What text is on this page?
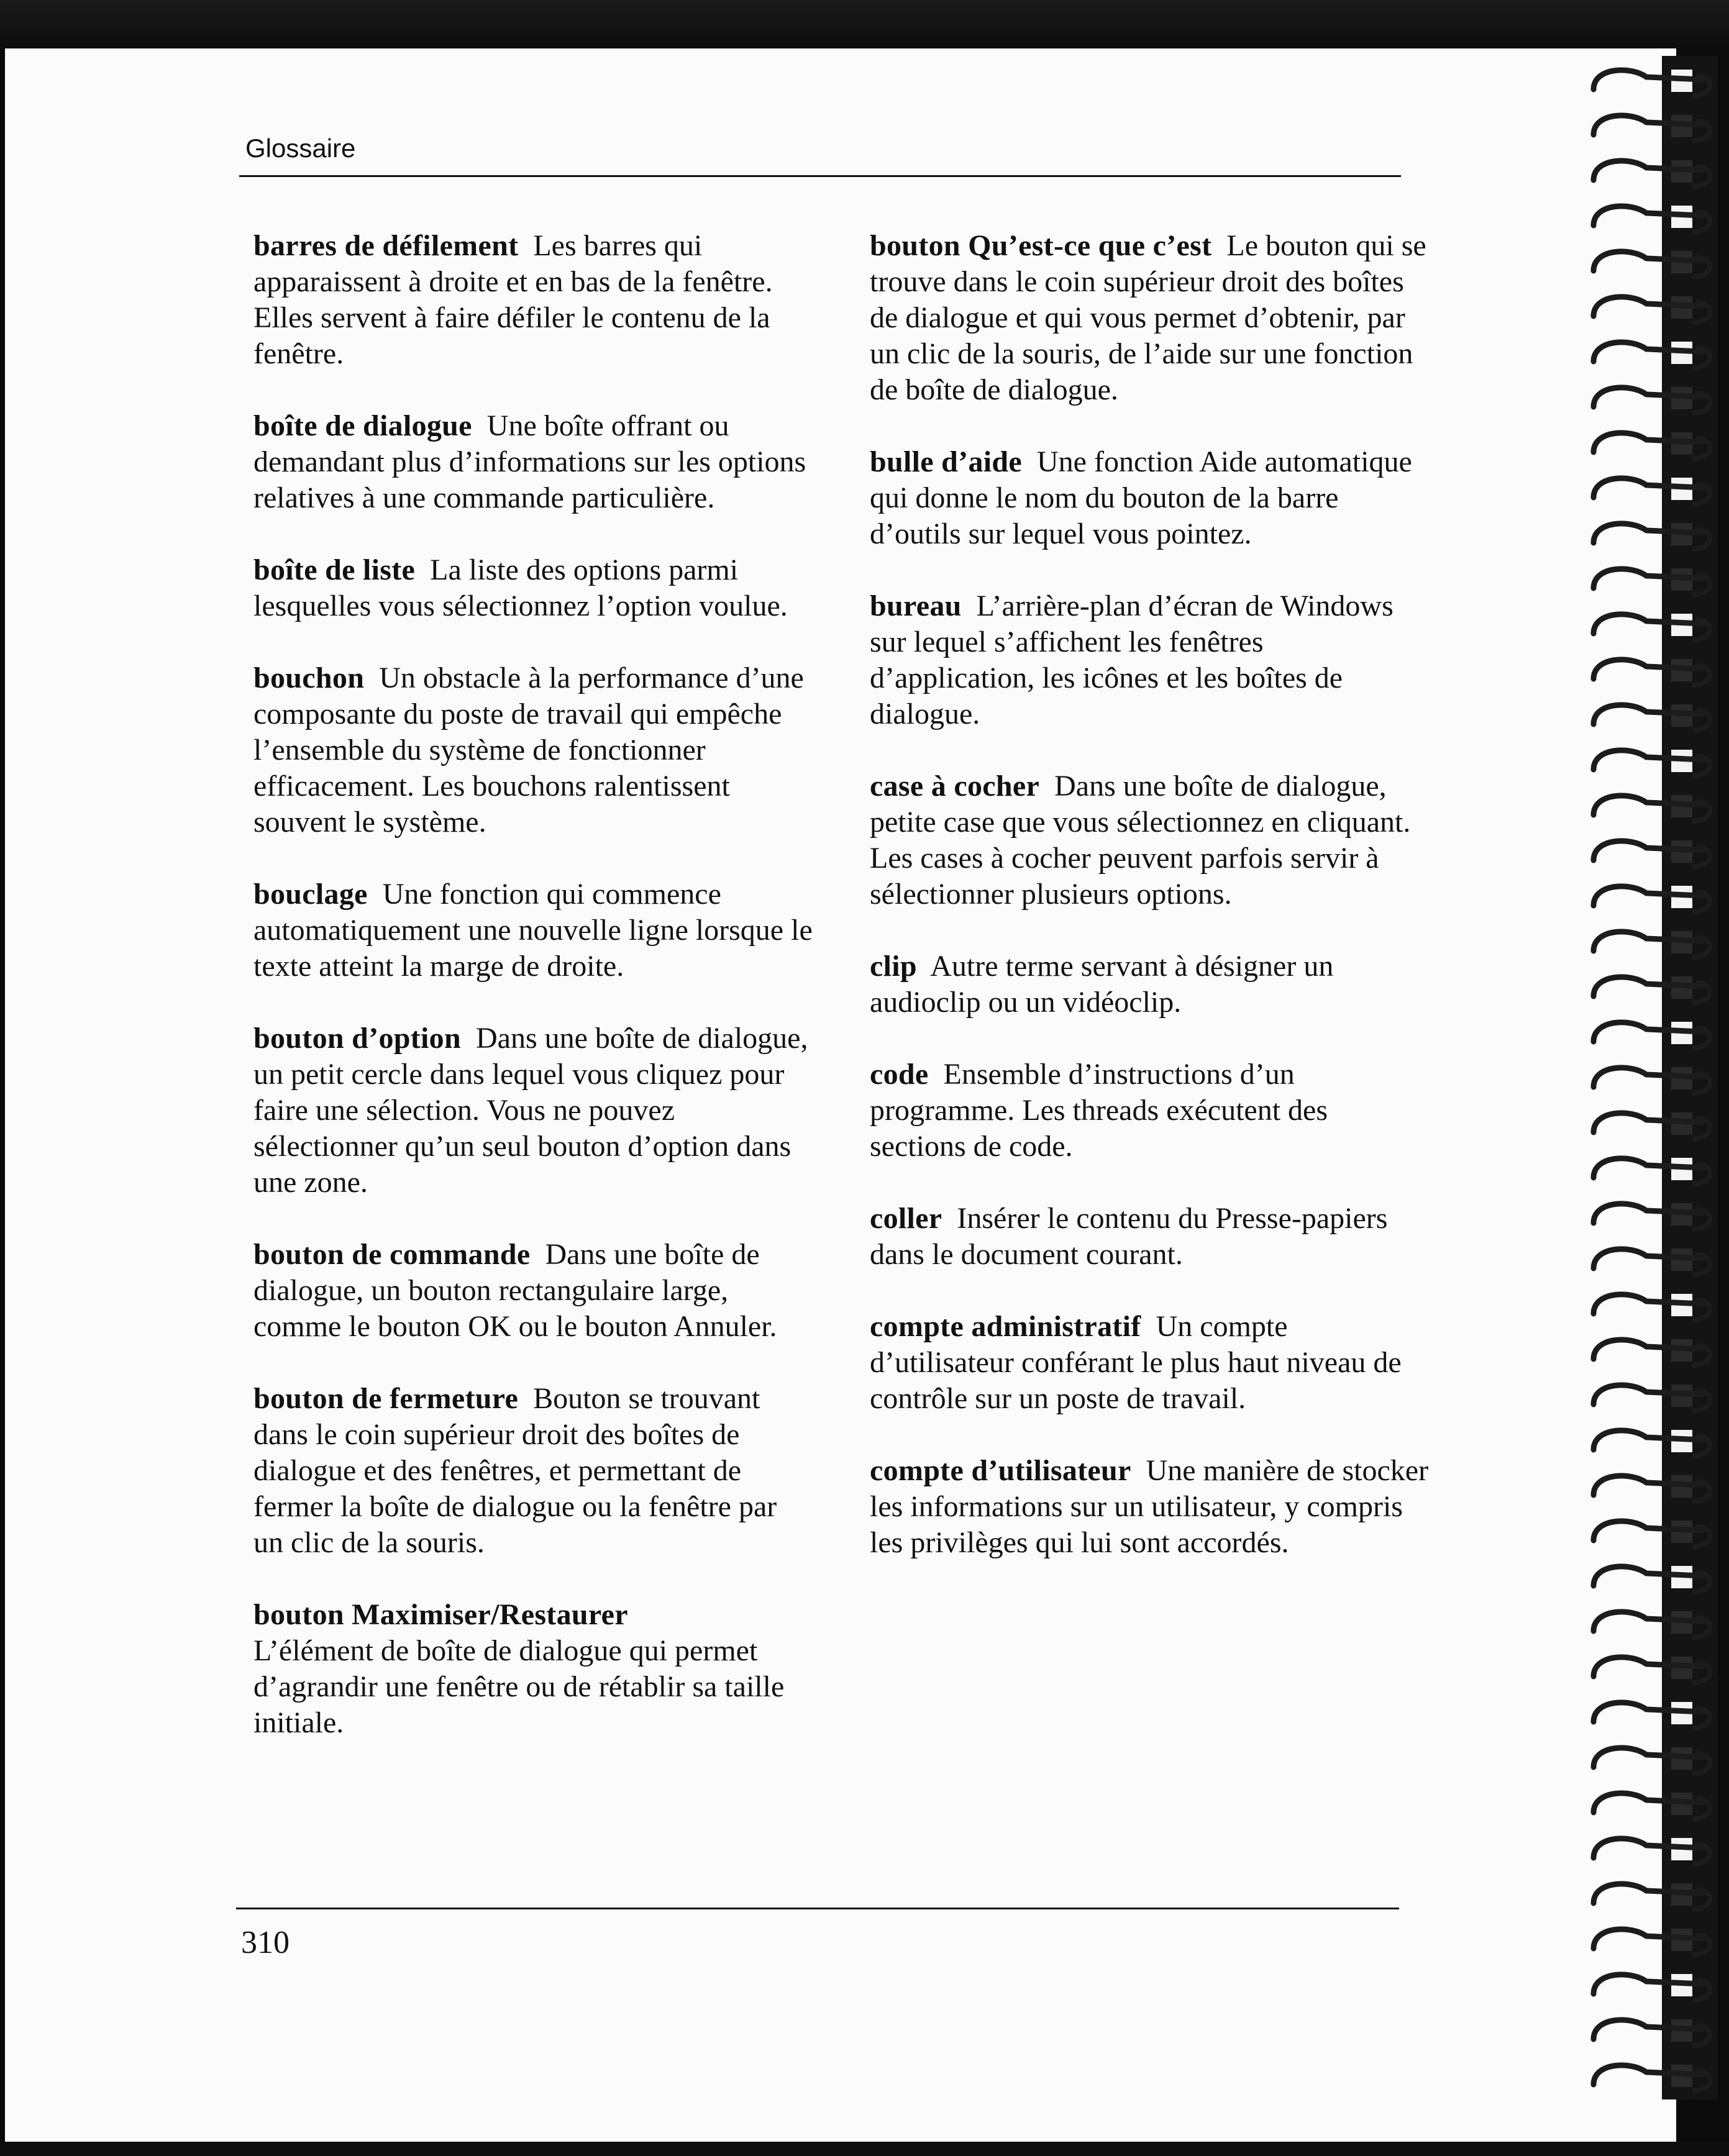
Glossaire

barres de défilement Les barres qui apparaissent à droite et en bas de la fenêtre. Elles servent à faire défiler le contenu de la fenêtre.

boîte de dialogue Une boîte offrant ou demandant plus d’informations sur les options relatives à une commande particulière.

boîte de liste La liste des options parmi lesquelles vous sélectionnez l’option voulue.

bouchon Un obstacle à la performance d’une composante du poste de travail qui empêche l’ensemble du système de fonctionner efficacement. Les bouchons ralentissent souvent le système.

bouclage Une fonction qui commence automatiquement une nouvelle ligne lorsque le texte atteint la marge de droite.

bouton d’option Dans une boîte de dialogue, un petit cercle dans lequel vous cliquez pour faire une sélection. Vous ne pouvez sélectionner qu’un seul bouton d’option dans une zone.

bouton de commande Dans une boîte de dialogue, un bouton rectangulaire large, comme le bouton OK ou le bouton Annuler.

bouton de fermeture Bouton se trouvant dans le coin supérieur droit des boîtes de dialogue et des fenêtres, et permettant de fermer la boîte de dialogue ou la fenêtre par un clic de la souris.

bouton Maximiser/Restaurer
L’élément de boîte de dialogue qui permet d’agrandir une fenêtre ou de rétablir sa taille initiale.

bouton Qu’est-ce que c’est Le bouton qui se trouve dans le coin supérieur droit des boîtes de dialogue et qui vous permet d’obtenir, par un clic de la souris, de l’aide sur une fonction de boîte de dialogue.

bulle d’aide Une fonction Aide automatique qui donne le nom du bouton de la barre d’outils sur lequel vous pointez.

bureau L’arrière-plan d’écran de Windows sur lequel s’affichent les fenêtres d’application, les icônes et les boîtes de dialogue.

case à cocher Dans une boîte de dialogue, petite case que vous sélectionnez en cliquant. Les cases à cocher peuvent parfois servir à sélectionner plusieurs options.

clip Autre terme servant à désigner un audioclip ou un vidéoclip.

code Ensemble d’instructions d’un programme. Les threads exécutent des sections de code.

coller Insérer le contenu du Presse-papiers dans le document courant.

compte administratif Un compte d’utilisateur conférant le plus haut niveau de contrôle sur un poste de travail.

compte d’utilisateur Une manière de stocker les informations sur un utilisateur, y compris les privilèges qui lui sont accordés.

310
